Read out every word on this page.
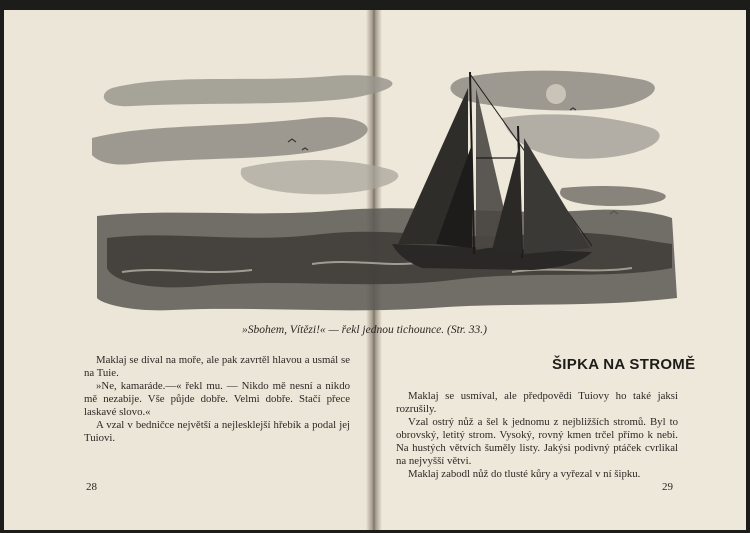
»Sbohem, Vítězi!« — řekl jednou tichounce. (Str. 33.)

Maklaj se díval na moře, ale pak zavrtěl hlavou a usmál se na Tuie.

»Ne, kamaráde.—« řekl mu. — Nikdo mě nesní a nikdo mě nezabije. Vše půjde dobře. Velmi dobře. Stačí přece laskavé slovo.«

A vzal v bedničce největší a nejlesklejší hřebík a podal jej Tuiovi.

ŠIPKA NA STROMĚ

Maklaj se usmíval, ale předpovědi Tuiovy ho také jaksi rozrušily.

Vzal ostrý nůž a šel k jednomu z nejbližších stromů. Byl to obrovský, letitý strom. Vysoký, rovný kmen trčel přímo k nebi. Na hustých větvích šuměly listy. Jakýsi podivný ptáček cvrlikal na nejvyšší větvi.

Maklaj zabodl nůž do tlusté kůry a vyřezal v ní šipku.

28	29
